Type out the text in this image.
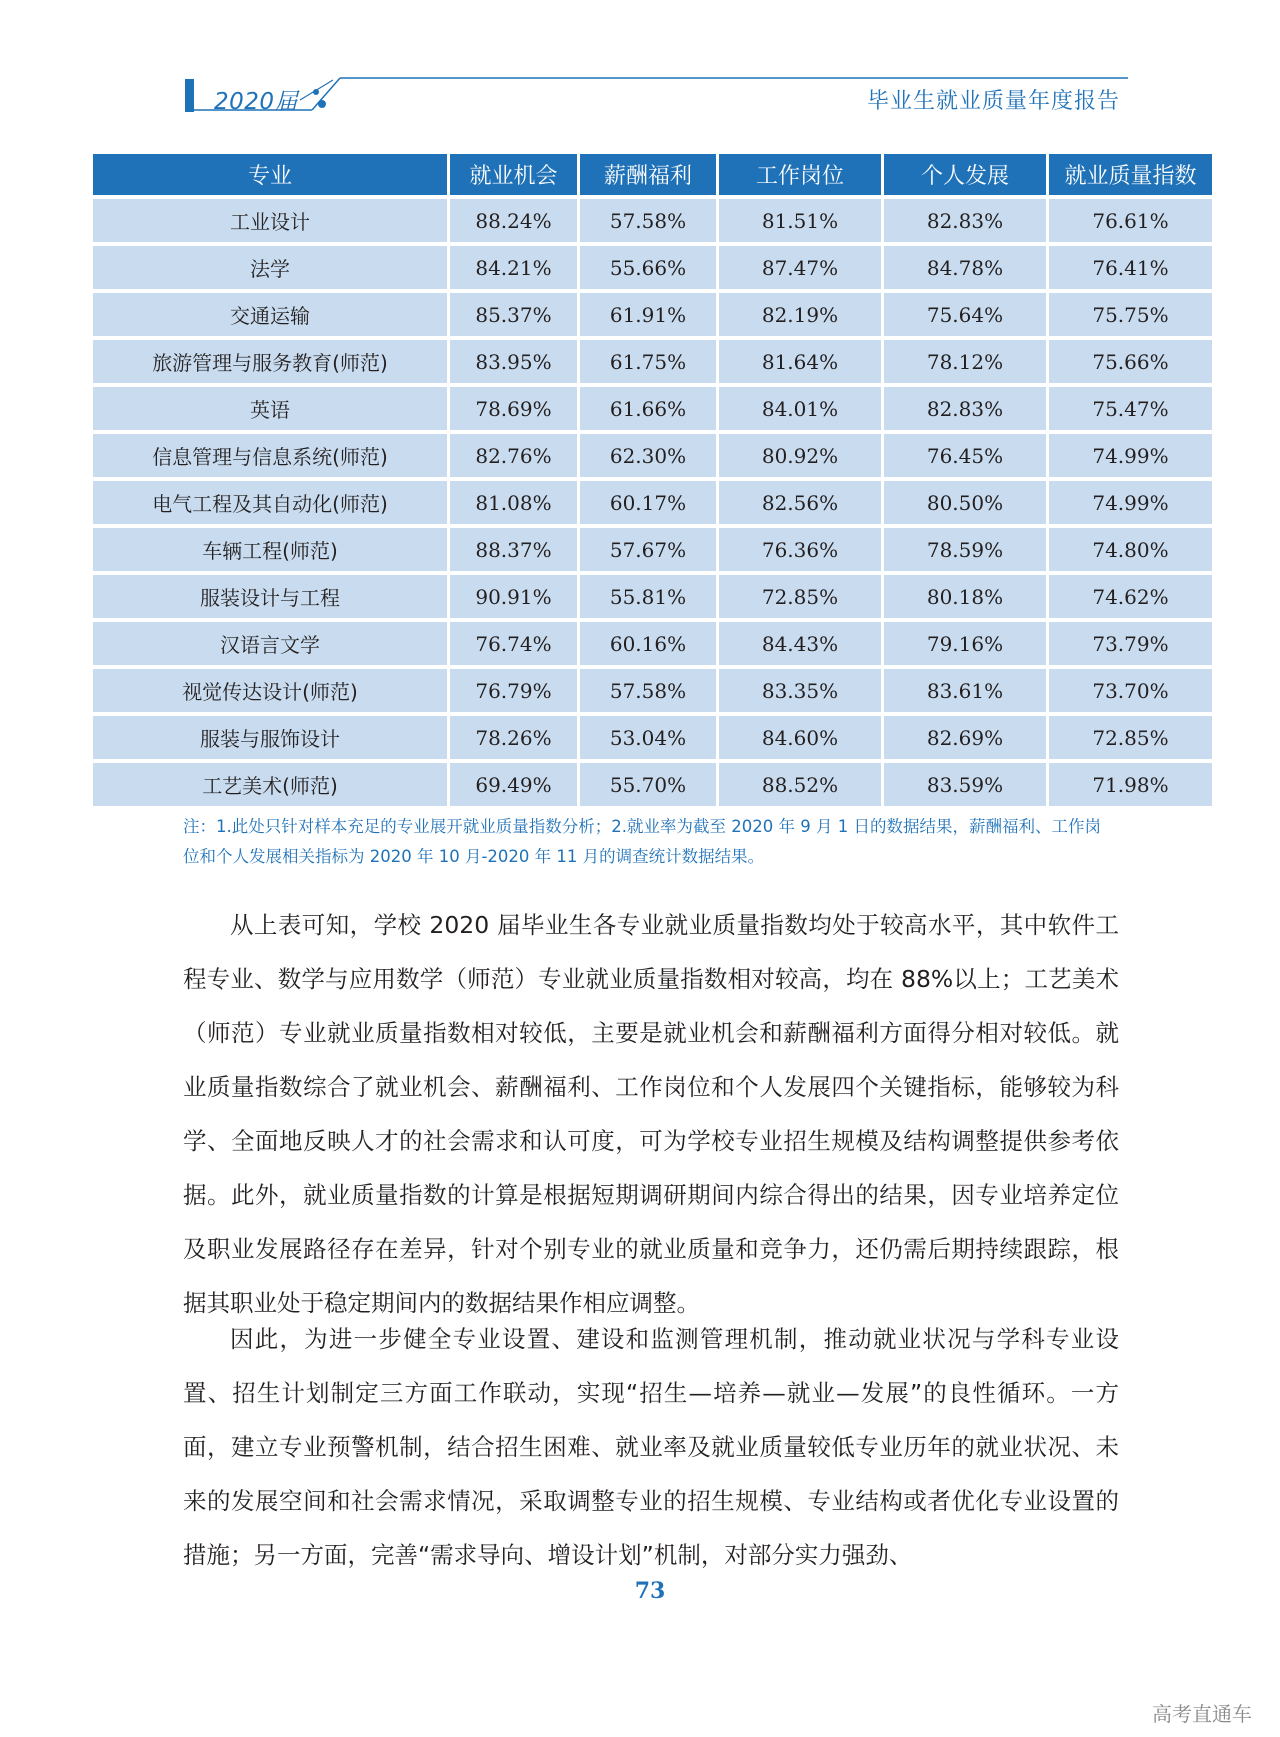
2020届	毕业生就业质量年度报告
专业	就业机会	薪酬福利	工作岗位	个人发展	就业质量指数
工业设计	88.24%	57.58%	81.51%	82.83%	76.61%
法学	84.21%	55.66%	87.47%	84.78%	76.41%
交通运输	85.37%	61.91%	82.19%	75.64%	75.75%
旅游管理与服务教育(师范)	83.95%	61.75%	81.64%	78.12%	75.66%
英语	78.69%	61.66%	84.01%	82.83%	75.47%
信息管理与信息系统(师范)	82.76%	62.30%	80.92%	76.45%	74.99%
电气工程及其自动化(师范)	81.08%	60.17%	82.56%	80.50%	74.99%
车辆工程(师范)	88.37%	57.67%	76.36%	78.59%	74.80%
服装设计与工程	90.91%	55.81%	72.85%	80.18%	74.62%
汉语言文学	76.74%	60.16%	84.43%	79.16%	73.79%
视觉传达设计(师范)	76.79%	57.58%	83.35%	83.61%	73.70%
服装与服饰设计	78.26%	53.04%	84.60%	82.69%	72.85%
工艺美术(师范)	69.49%	55.70%	88.52%	83.59%	71.98%
注：1.此处只针对样本充足的专业展开就业质量指数分析；2.就业率为截至 2020 年 9 月 1 日的数据结果，薪酬福利、工作岗位和个人发展相关指标为 2020 年 10 月-2020 年 11 月的调查统计数据结果。

从上表可知，学校 2020 届毕业生各专业就业质量指数均处于较高水平，其中软件工程专业、数学与应用数学（师范）专业就业质量指数相对较高，均在 88%以上；工艺美术（师范）专业就业质量指数相对较低，主要是就业机会和薪酬福利方面得分相对较低。就业质量指数综合了就业机会、薪酬福利、工作岗位和个人发展四个关键指标，能够较为科学、全面地反映人才的社会需求和认可度，可为学校专业招生规模及结构调整提供参考依据。此外，就业质量指数的计算是根据短期调研期间内综合得出的结果，因专业培养定位及职业发展路径存在差异，针对个别专业的就业质量和竞争力，还仍需后期持续跟踪，根据其职业处于稳定期间内的数据结果作相应调整。

因此，为进一步健全专业设置、建设和监测管理机制，推动就业状况与学科专业设置、招生计划制定三方面工作联动，实现“招生—培养—就业—发展”的良性循环。一方面，建立专业预警机制，结合招生困难、就业率及就业质量较低专业历年的就业状况、未来的发展空间和社会需求情况，采取调整专业的招生规模、专业结构或者优化专业设置的措施；另一方面，完善“需求导向、增设计划”机制，对部分实力强劲、

73
高考直通车
